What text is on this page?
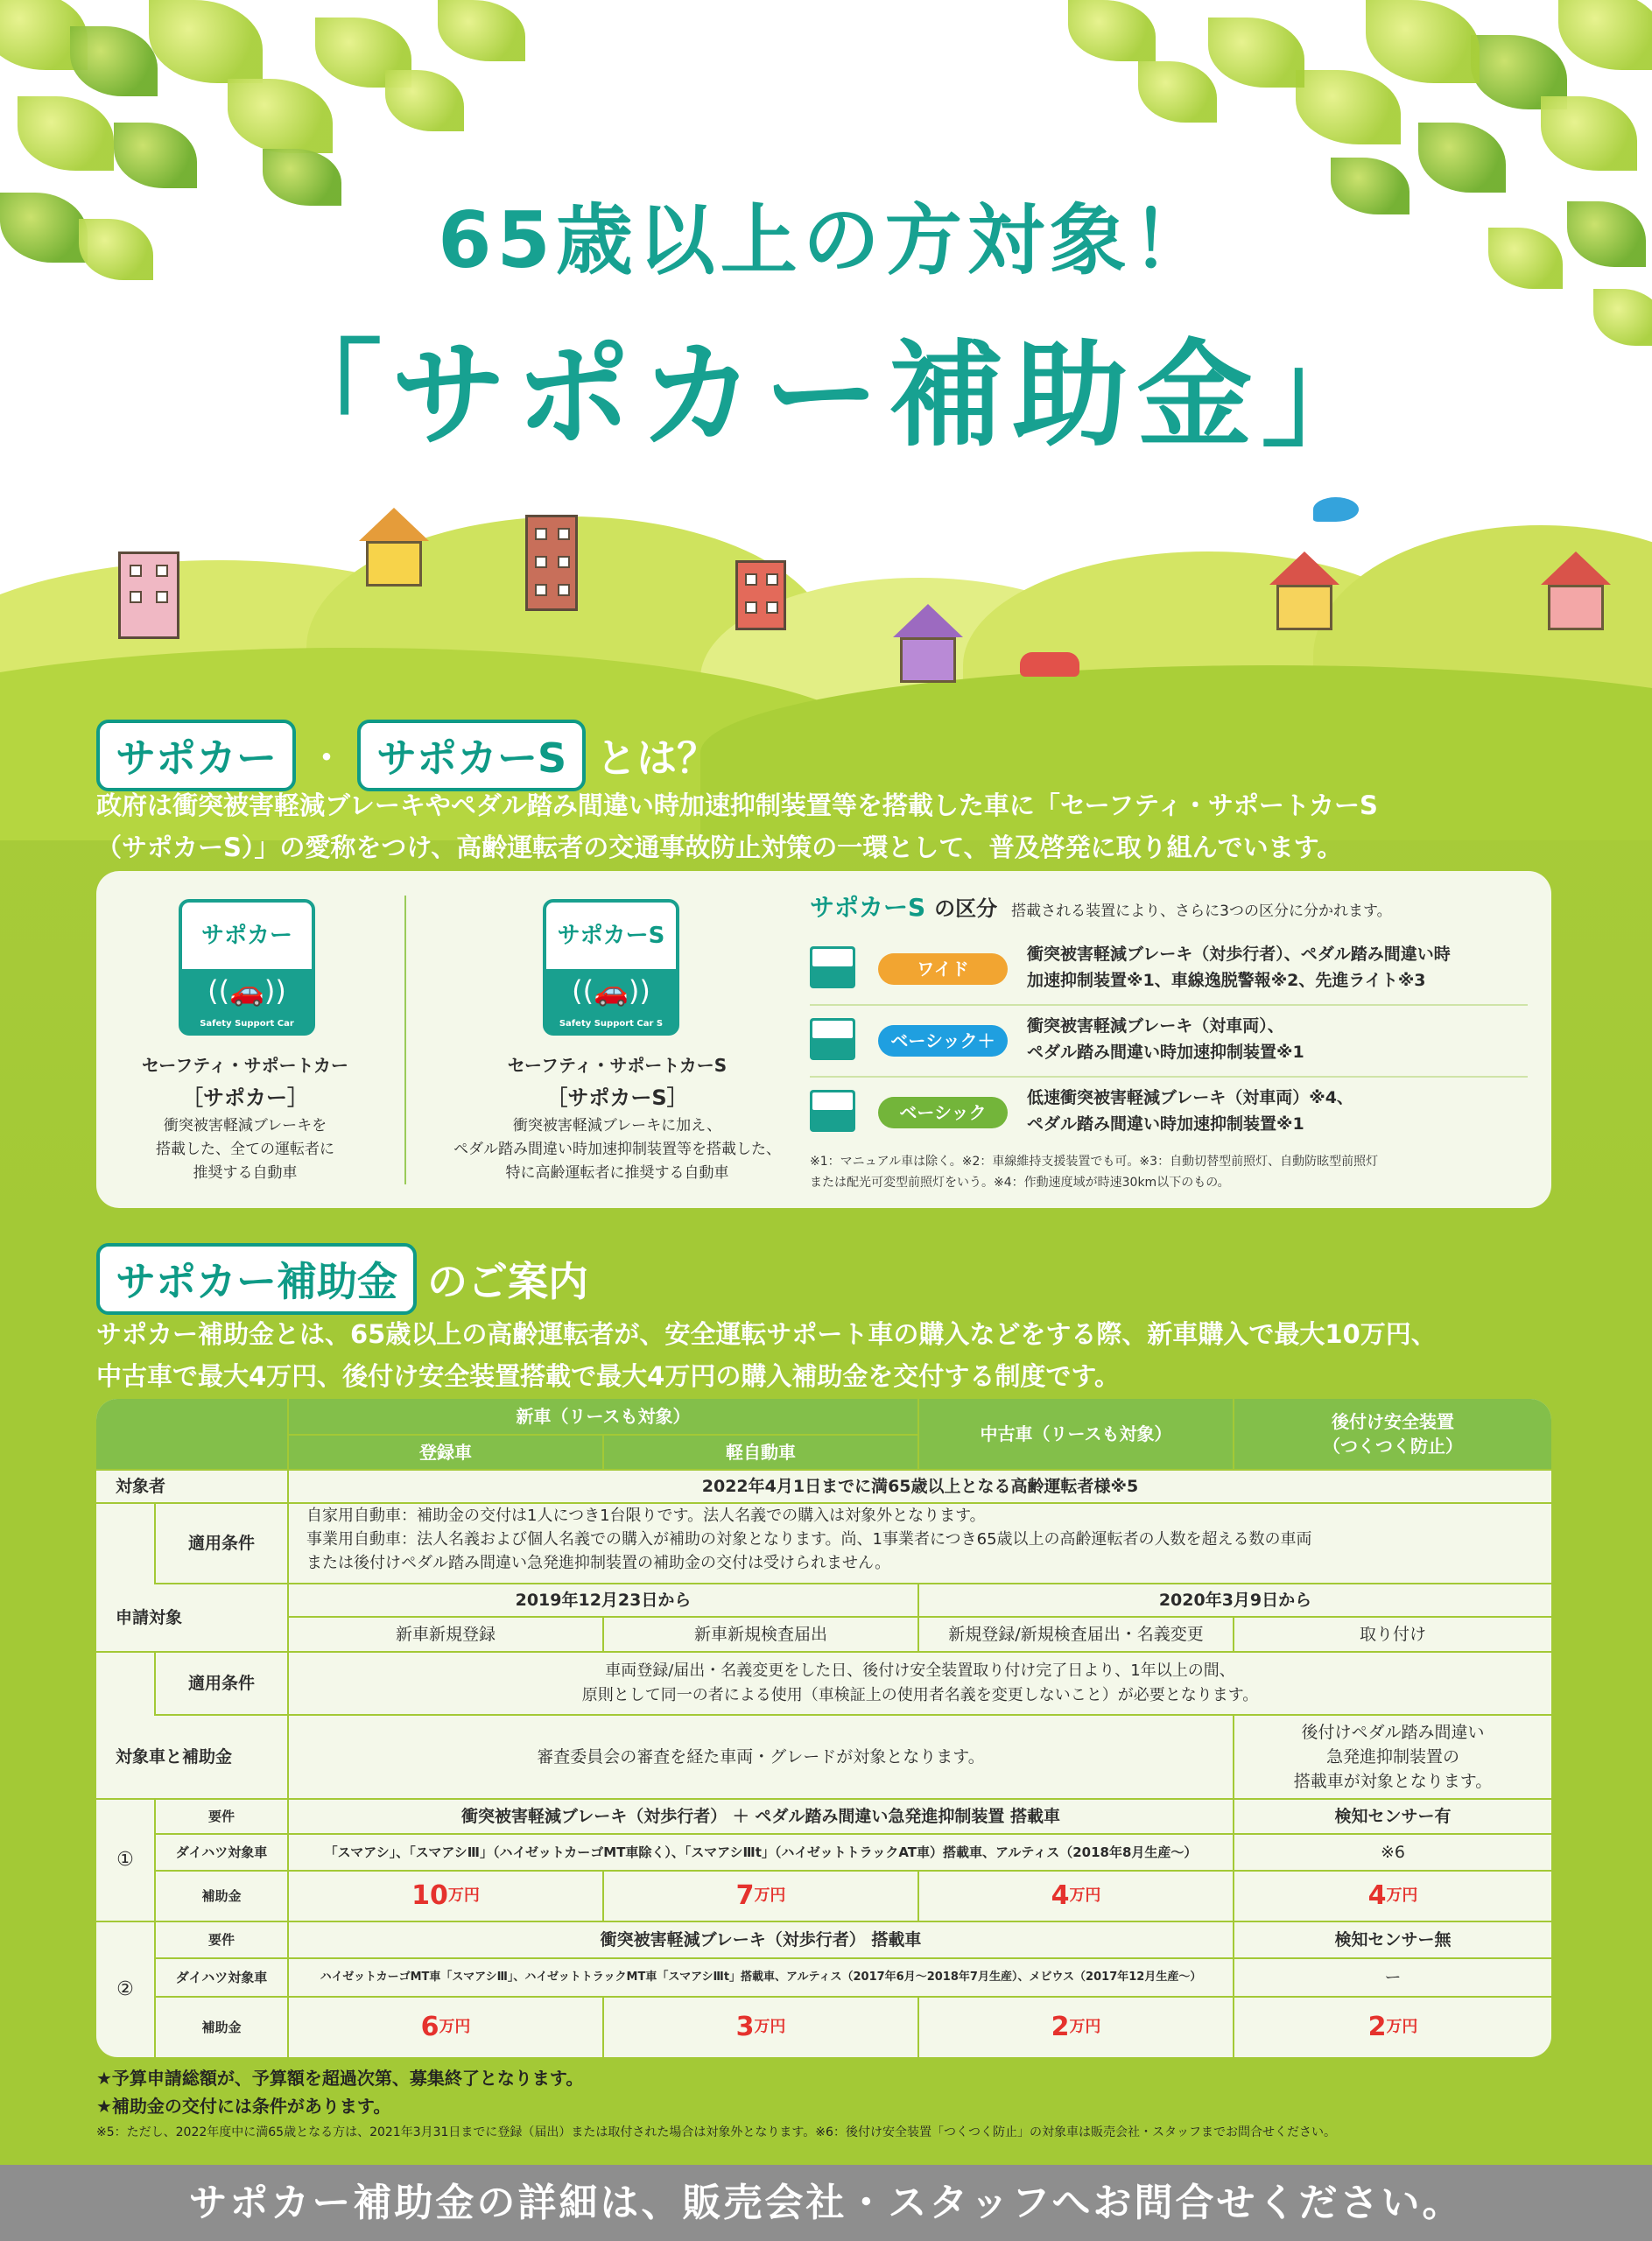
65歳以上の方対象！
「サポカー補助金」
サポカー ・ サポカーS とは？
政府は衝突被害軽減ブレーキやペダル踏み間違い時加速抑制装置等を搭載した車に「セーフティ・サポートカーS
（サポカーS）」の愛称をつけ、高齢運転者の交通事故防止対策の一環として、普及啓発に取り組んでいます。
サポカー
((🚗))
Safety Support Car
セーフティ・サポートカー
［サポカー］
衝突被害軽減ブレーキを
搭載した、全ての運転者に
推奨する自動車
サポカーS
((🚗))
Safety Support Car S
セーフティ・サポートカーS
［サポカーS］
衝突被害軽減ブレーキに加え、
ペダル踏み間違い時加速抑制装置等を搭載した、
特に高齢運転者に推奨する自動車
サポカーS の区分 搭載される装置により、さらに3つの区分に分かれます。
ワイド
衝突被害軽減ブレーキ（対歩行者）、ペダル踏み間違い時
加速抑制装置※1、車線逸脱警報※2、先進ライト※3
ベーシック＋
衝突被害軽減ブレーキ（対車両）、
ペダル踏み間違い時加速抑制装置※1
ベーシック
低速衝突被害軽減ブレーキ（対車両）※4、
ペダル踏み間違い時加速抑制装置※1
※1：マニュアル車は除く。※2：車線維持支援装置でも可。※3：自動切替型前照灯、自動防眩型前照灯
または配光可変型前照灯をいう。※4：作動速度域が時速30km以下のもの。
サポカー補助金 のご案内
サポカー補助金とは、65歳以上の高齢運転者が、安全運転サポート車の購入などをする際、新車購入で最大10万円、
中古車で最大4万円、後付け安全装置搭載で最大4万円の購入補助金を交付する制度です。
新車（リースも対象）
登録車	軽自動車
中古車（リースも対象）
後付け安全装置
（つくつく防止）
対象者	2022年4月1日までに満65歳以上となる高齢運転者様※5
適用条件
自家用自動車：補助金の交付は1人につき1台限りです。法人名義での購入は対象外となります。
事業用自動車：法人名義および個人名義での購入が補助の対象となります。尚、1事業者につき65歳以上の高齢運転者の人数を超える数の車両
または後付けペダル踏み間違い急発進抑制装置の補助金の交付は受けられません。
申請対象
2019年12月23日から	2020年3月9日から
新車新規登録	新車新規検査届出	新規登録/新規検査届出・名義変更	取り付け
適用条件
車両登録/届出・名義変更をした日、後付け安全装置取り付け完了日より、1年以上の間、
原則として同一の者による使用（車検証上の使用者名義を変更しないこと）が必要となります。
対象車と補助金	審査委員会の審査を経た車両・グレードが対象となります。
後付けペダル踏み間違い
急発進抑制装置の
搭載車が対象となります。
①
要件	衝突被害軽減ブレーキ（対歩行者） ＋ ペダル踏み間違い急発進抑制装置 搭載車	検知センサー有
ダイハツ対象車	「スマアシ」、「スマアシⅢ」（ハイゼットカーゴMT車除く）、「スマアシⅢt」（ハイゼットトラックAT車）搭載車、アルティス（2018年8月生産～）	※6
補助金	10 万円	7 万円	4 万円	4 万円
②
要件	衝突被害軽減ブレーキ（対歩行者） 搭載車	検知センサー無
ダイハツ対象車	ハイゼットカーゴMT車「スマアシⅢ」、ハイゼットトラックMT車「スマアシⅢt」搭載車、アルティス（2017年6月～2018年7月生産）、メビウス（2017年12月生産～）	ー
補助金	6 万円	3 万円	2 万円	2 万円
★予算申請総額が、予算額を超過次第、募集終了となります。
★補助金の交付には条件があります。
※5：ただし、2022年度中に満65歳となる方は、2021年3月31日までに登録（届出）または取付された場合は対象外となります。※6：後付け安全装置「つくつく防止」の対象車は販売会社・スタッフまでお問合せください。
サポカー補助金の詳細は、販売会社・スタッフへお問合せください。
